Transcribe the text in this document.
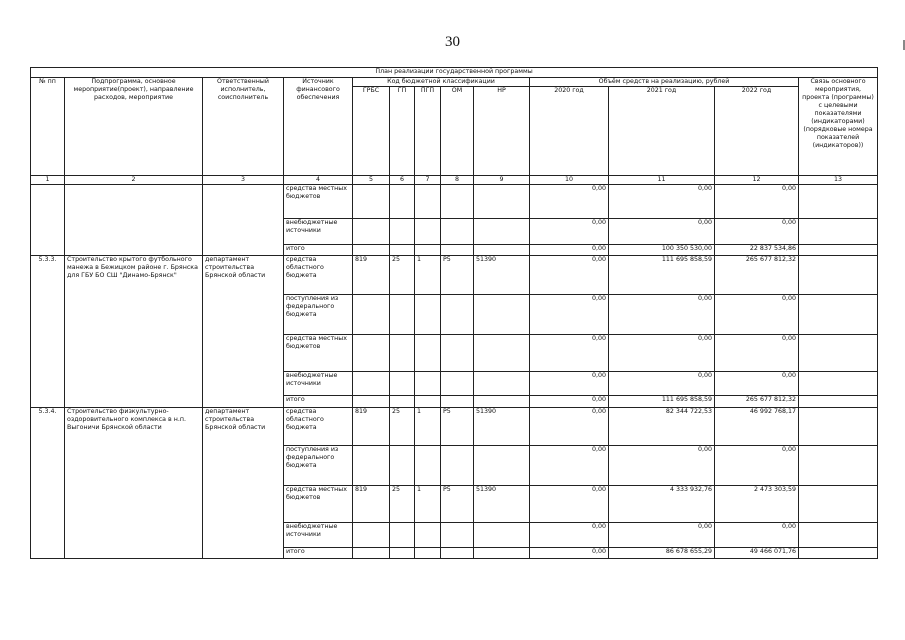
30
План реализации государственной программы												
№ пп	Подпрограмма, основное мероприятие(проект), направление расходов, мероприятие	Ответственный исполнитель, соисполнитель	Источник финансового обеспечения	Код бюджетной классификации					Объём средств на реализацию, рублей			Связь основного мероприятия, проекта (программы) с целевыми показателями (индикаторами) (порядковые номера показателей (индикаторов))
				ГРБС	ГП	ПГП	ОМ	НР	2020 год	2021 год	2022 год	
1	2	3	4	5	6	7	8	9	10	11	12	13
			средства местных бюджетов						0,00	0,00	0,00	
			внебюджетные источники						0,00	0,00	0,00	
			итого						0,00	100 350 530,00	22 837 534,86	
5.3.3.	Строительство крытого футбольного манежа в Бежицком районе г. Брянска для ГБУ БО СШ "Динамо-Брянск"	департамент строительства Брянской области	средства областного бюджета	819	25	1	Р5	51390	0,00	111 695 858,59	265 677 812,32	
			поступления из федерального бюджета						0,00	0,00	0,00	
			средства местных бюджетов						0,00	0,00	0,00	
			внебюджетные источники						0,00	0,00	0,00	
			итого						0,00	111 695 858,59	265 677 812,32	
5.3.4.	Строительство физкультурно-оздоровительного комплекса в н.п. Выгоничи Брянской области	департамент строительства Брянской области	средства областного бюджета	819	25	1	Р5	51390	0,00	82 344 722,53	46 992 768,17	
			поступления из федерального бюджета						0,00	0,00	0,00	
			средства местных бюджетов	819	25	1	Р5	51390	0,00	4 333 932,76	2 473 303,59	
			внебюджетные источники						0,00	0,00	0,00	
			итого						0,00	86 678 655,29	49 466 071,76	
